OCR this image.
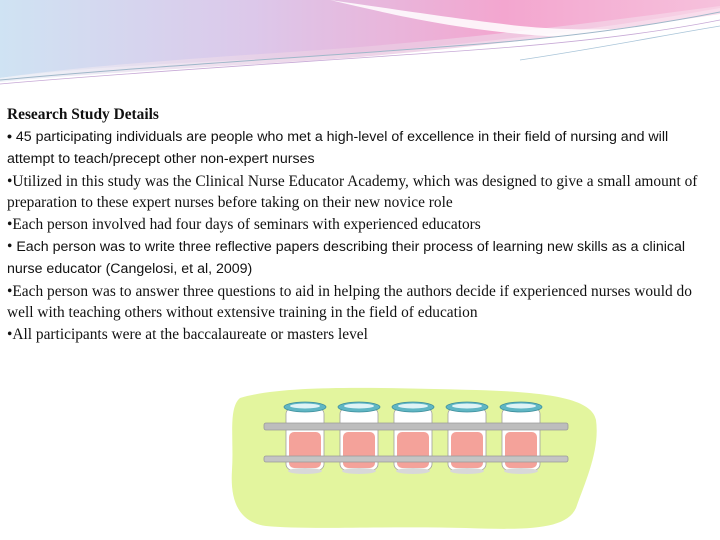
Research Study Details

• 45 participating individuals are people who met a high-level of excellence in their field of nursing and will attempt to teach/precept other non-expert nurses

•Utilized in this study was the Clinical Nurse Educator Academy, which was designed to give a small amount of preparation to these expert nurses before taking on their new novice role

•Each person involved had four days of seminars with experienced educators

• Each person was to write three reflective papers describing their process of learning new skills as a clinical nurse educator (Cangelosi, et al, 2009)

•Each person was to answer three questions to aid in helping the authors decide if experienced nurses would do well with teaching others without extensive training in the field of education

•All participants were at the baccalaureate or masters level
